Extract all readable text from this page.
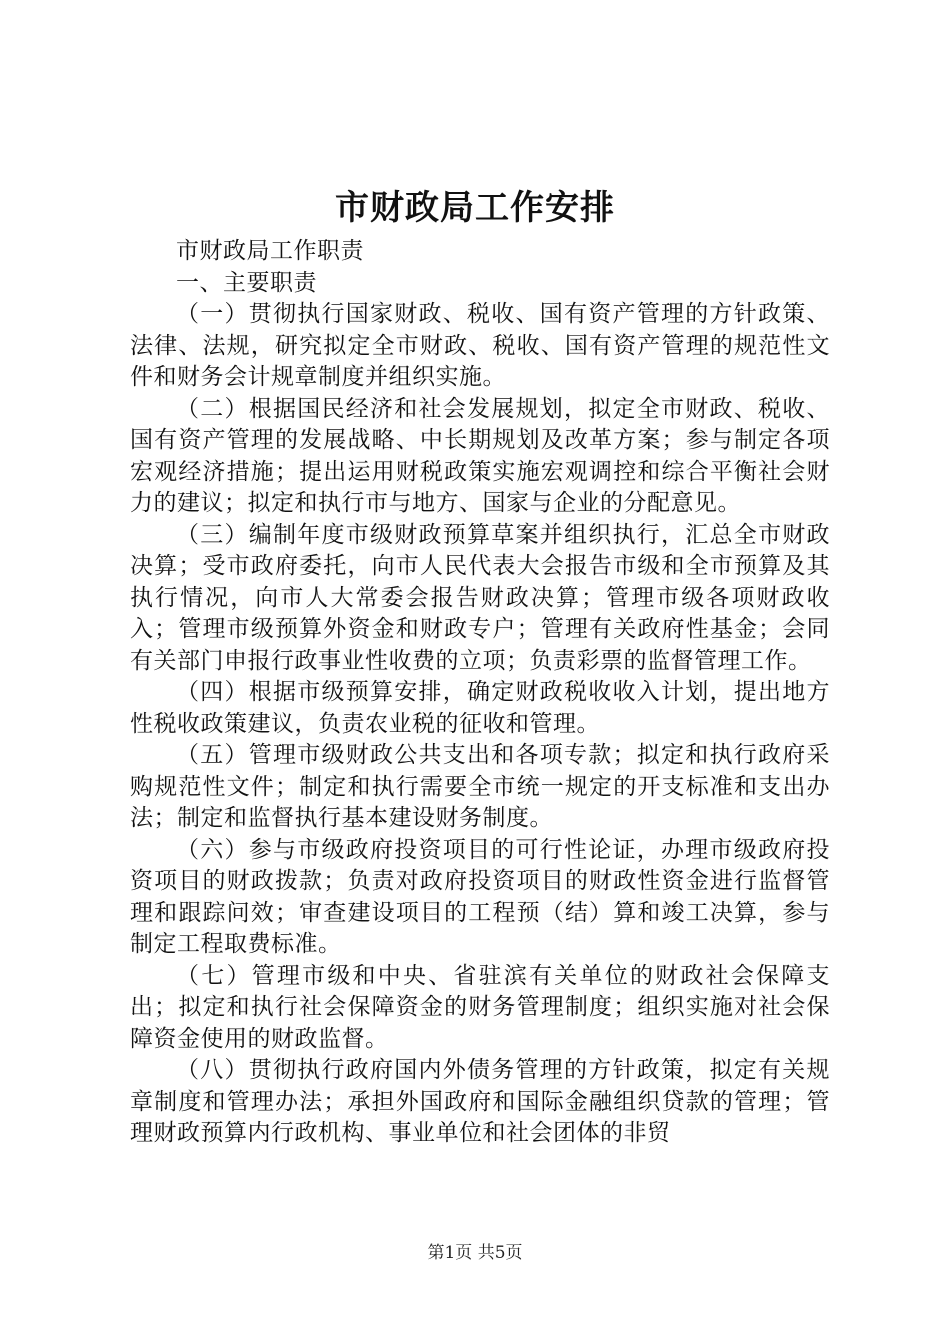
市财政局工作安排

市财政局工作职责

一、主要职责

（一）贯彻执行国家财政、税收、国有资产管理的方针政策、法律、法规，研究拟定全市财政、税收、国有资产管理的规范性文件和财务会计规章制度并组织实施。

（二）根据国民经济和社会发展规划，拟定全市财政、税收、国有资产管理的发展战略、中长期规划及改革方案；参与制定各项宏观经济措施；提出运用财税政策实施宏观调控和综合平衡社会财力的建议；拟定和执行市与地方、国家与企业的分配意见。

（三）编制年度市级财政预算草案并组织执行，汇总全市财政决算；受市政府委托，向市人民代表大会报告市级和全市预算及其执行情况，向市人大常委会报告财政决算；管理市级各项财政收入；管理市级预算外资金和财政专户；管理有关政府性基金；会同有关部门申报行政事业性收费的立项；负责彩票的监督管理工作。

（四）根据市级预算安排，确定财政税收收入计划，提出地方性税收政策建议，负责农业税的征收和管理。

（五）管理市级财政公共支出和各项专款；拟定和执行政府采购规范性文件；制定和执行需要全市统一规定的开支标准和支出办法；制定和监督执行基本建设财务制度。

（六）参与市级政府投资项目的可行性论证，办理市级政府投资项目的财政拨款；负责对政府投资项目的财政性资金进行监督管理和跟踪问效；审查建设项目的工程预（结）算和竣工决算，参与制定工程取费标准。

（七）管理市级和中央、省驻滨有关单位的财政社会保障支出；拟定和执行社会保障资金的财务管理制度；组织实施对社会保障资金使用的财政监督。

（八）贯彻执行政府国内外债务管理的方针政策，拟定有关规章制度和管理办法；承担外国政府和国际金融组织贷款的管理；管理财政预算内行政机构、事业单位和社会团体的非贸

第1页 共5页
